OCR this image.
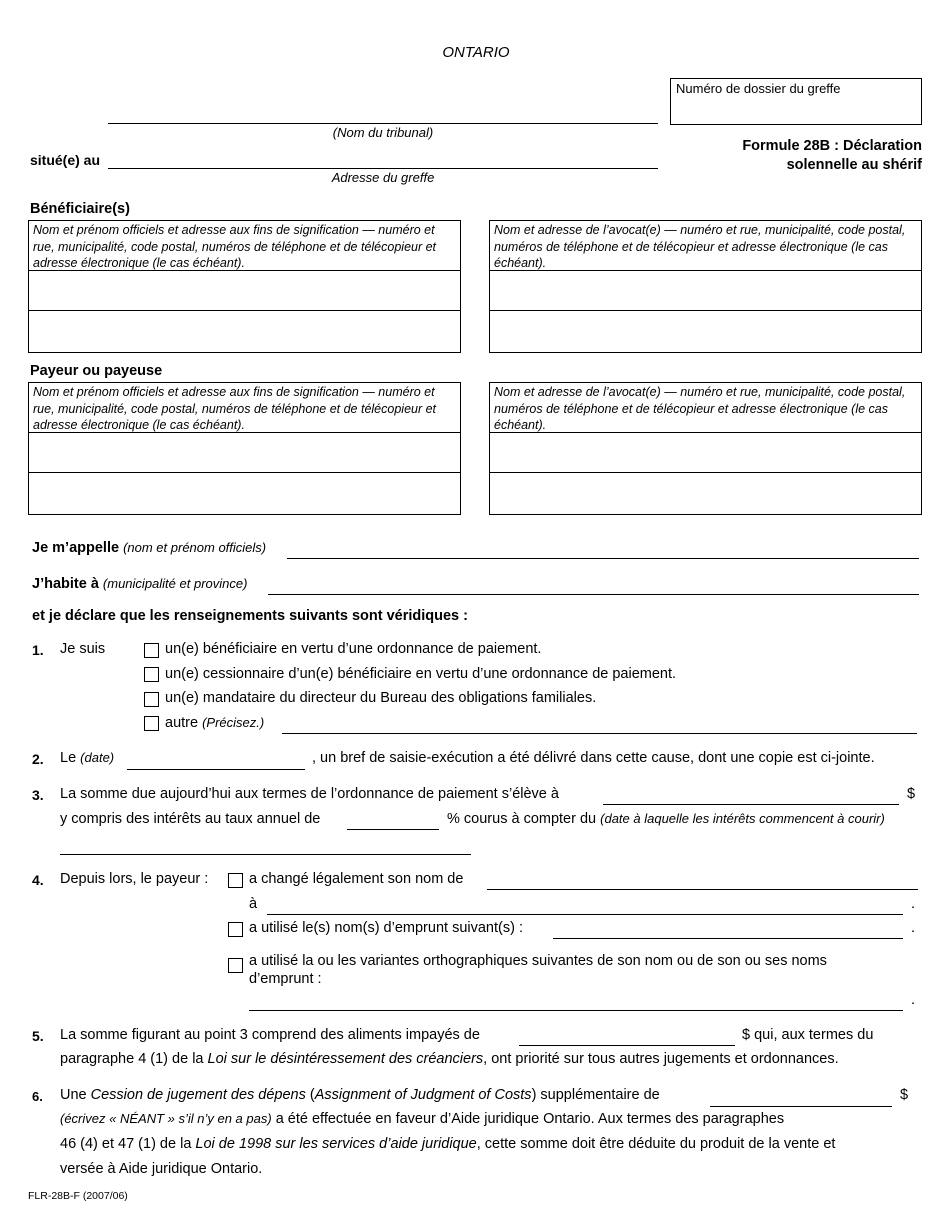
ONTARIO
Numéro de dossier du greffe
(Nom du tribunal)
situé(e) au
Adresse du greffe
Formule 28B : Déclaration
solennelle au shérif
Bénéficiaire(s)
Nom et prénom officiels et adresse aux fins de signification — numéro et rue, municipalité, code postal, numéros de téléphone et de télécopieur et adresse électronique (le cas échéant).
Nom et adresse de l’avocat(e) — numéro et rue, municipalité, code postal, numéros de téléphone et de télécopieur et adresse électronique (le cas échéant).
Payeur ou payeuse
Nom et prénom officiels et adresse aux fins de signification — numéro et rue, municipalité, code postal, numéros de téléphone et de télécopieur et adresse électronique (le cas échéant).
Nom et adresse de l’avocat(e) — numéro et rue, municipalité, code postal, numéros de téléphone et de télécopieur et adresse électronique (le cas échéant).
Je m’appelle (nom et prénom officiels)
J’habite à (municipalité et province)
et je déclare que les renseignements suivants sont véridiques :
1. Je suis	un(e) bénéficiaire en vertu d’une ordonnance de paiement.
un(e) cessionnaire d’un(e) bénéficiaire en vertu d’une ordonnance de paiement.
un(e) mandataire du directeur du Bureau des obligations familiales.
autre (Précisez.)
2. Le (date)	, un bref de saisie-exécution a été délivré dans cette cause, dont une copie est ci-jointe.
3. La somme due aujourd’hui aux termes de l’ordonnance de paiement s’élève à	$
y compris des intérêts au taux annuel de	% courus à compter du (date à laquelle les intérêts commencent à courir)
4. Depuis lors, le payeur :	a changé légalement son nom de
à	.
a utilisé le(s) nom(s) d’emprunt suivant(s) :	.
a utilisé la ou les variantes orthographiques suivantes de son nom ou de son ou ses noms
d’emprunt :
.
5. La somme figurant au point 3 comprend des aliments impayés de	$ qui, aux termes du
paragraphe 4 (1) de la Loi sur le désintéressement des créanciers, ont priorité sur tous autres jugements et ordonnances.
6. Une Cession de jugement des dépens (Assignment of Judgment of Costs) supplémentaire de	$
(écrivez « NÉANT » s’il n’y en a pas) a été effectuée en faveur d’Aide juridique Ontario. Aux termes des paragraphes
46 (4) et 47 (1) de la Loi de 1998 sur les services d’aide juridique, cette somme doit être déduite du produit de la vente et
versée à Aide juridique Ontario.
FLR-28B-F (2007/06)
